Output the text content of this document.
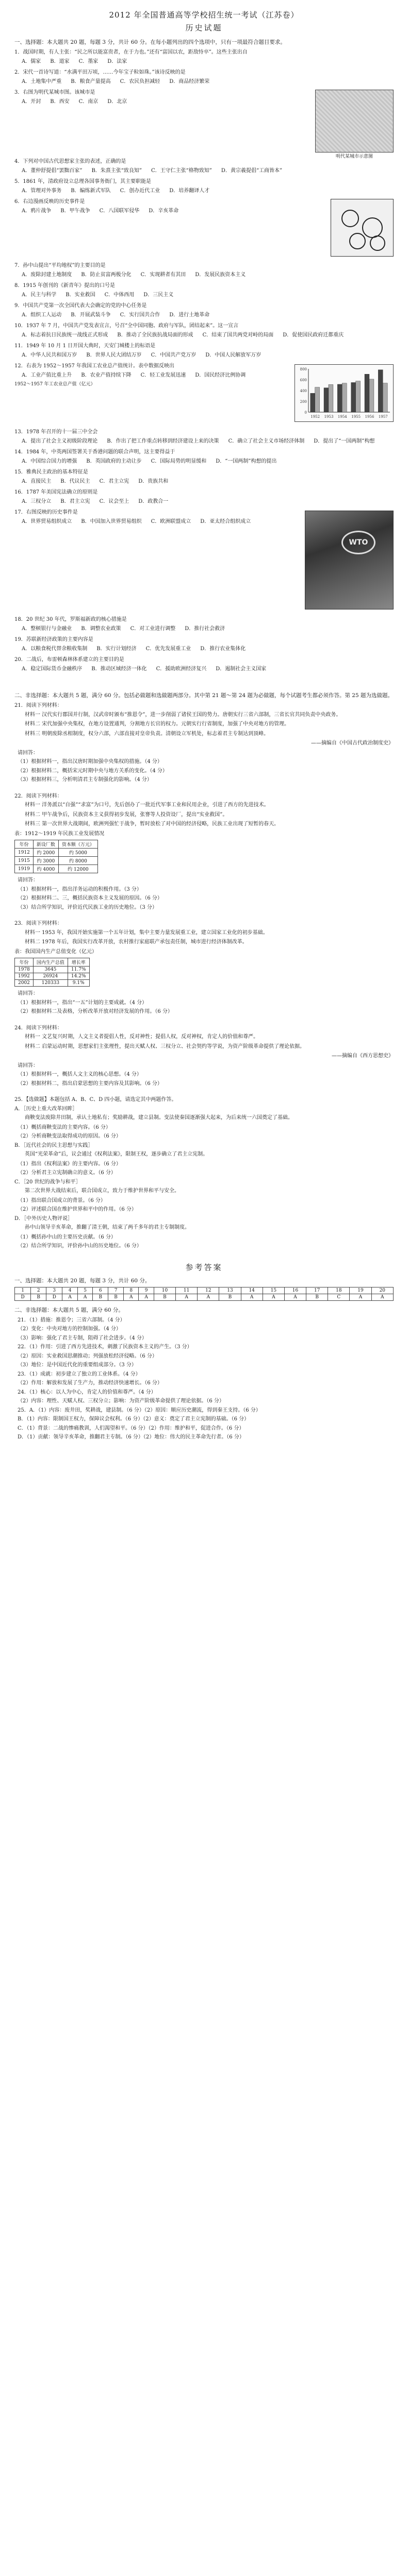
2012 年全国普通高等学校招生统一考试（江苏卷）
历史试题
一、选择题：本大题共 20 题，每题 3 分，共计 60 分。在每小题列出的四个选项中，只有一项最符合题目要求。
1．战国时期，有人主张：“民之所以能富贵者，在于力也。”还有“富国以农，距敌恃卒”。这些主张出自
A．儒家 B．道家 C．墨家 D．法家
2．宋代一首诗写道：“水满平田万顷，……今年宝子粒如珠。”该诗反映的是
A．土地集中严重 B．粮食产量提高 C．农民负担减轻 D．商品经济繁荣
明代某城市示意图
3．右图为明代某城市图。该城市是
A．开封 B．西安 C．南京 D．北京
4．下列对中国古代思想家主张的表述，正确的是
A．董仲舒提倡“罢黜百家” B．朱熹主张“致良知” C．王守仁主张“格物致知” D．黄宗羲提倡“工商皆本”
5．1861 年，清政府设立总理各国事务衙门，其主要职能是
A．管理对外事务 B．编练新式军队 C．创办近代工业 D．培养翻译人才
6．右边漫画反映的历史事件是
A．鸦片战争 B．甲午战争 C．八国联军侵华 D．辛亥革命
7．孙中山提出“平均地权”的主要目的是
A．废除封建土地制度 B．防止贫富两极分化 C．实现耕者有其田 D．发展民族资本主义
8．1915 年创刊的《新青年》提出的口号是
A．民主与科学 B．实业救国 C．中体西用 D．三民主义
9．中国共产党第一次全国代表大会确定的党的中心任务是
A．组织工人运动 B．开展武装斗争 C．实行国共合作 D．进行土地革命
10．1937 年 7 月，中国共产党发表宣言，号召“全中国同胞、政府与军队，团结起来”。这一宣言
A．标志着抗日民族统一战线正式形成 B．推动了全民族抗战局面的形成 C．结束了国共两党对峙的局面 D．促使国民政府迁都重庆
11．1949 年 10 月 1 日开国大典时，天安门城楼上的标语是
A．中华人民共和国万岁 B．世界人民大团结万岁 C．中国共产党万岁 D．中国人民解放军万岁
0
200
400
600
800
1952 1953 1954 1955 1956 1957
12．右表为 1952～1957 年我国工农业总产值统计。表中数据反映出
A．工业产值比重上升 B．农业产值持续下降 C．轻工业发展迅速 D．国民经济比例协调
1952～1957 年工农业总产值（亿元）
13．1978 年召开的十一届三中全会
A．提出了社会主义初级阶段理论 B．作出了把工作重点转移到经济建设上来的决策 C．确立了社会主义市场经济体制 D．提出了“一国两制”构想
14．1984 年，中英两国签署关于香港问题的联合声明，这主要得益于
A．中国综合国力的增强 B．英国政府的主动让步 C．国际局势的明显缓和 D．“一国两制”构想的提出
15．雅典民主政治的基本特征是
A．直接民主 B．代议民主 C．君主立宪 D．贵族共和
16．1787 年美国宪法确立的原则是
A．三权分立 B．君主立宪 C．议会至上 D．政教合一
WTO
17．右图反映的历史事件是
A．世界贸易组织成立 B．中国加入世界贸易组织 C．欧洲联盟成立 D．亚太经合组织成立
18．20 世纪 30 年代，罗斯福新政的核心措施是
A．整顿银行与金融业 B．调整农业政策 C．对工业进行调整 D．推行社会救济
19．苏联新经济政策的主要内容是
A．以粮食税代替余粮收集制 B．实行计划经济 C．优先发展重工业 D．推行农业集体化
20．二战后，布雷顿森林体系建立的主要目的是
A．稳定国际货币金融秩序 B．推动区域经济一体化 C．援助欧洲经济复兴 D．遏制社会主义国家
二、非选择题：本大题共 5 题，满分 60 分。包括必做题和选做题两部分。其中第 21 题～第 24 题为必做题，每个试题考生都必须作答。第 25 题为选做题。
21．阅读下列材料：

材料一 汉代实行郡国并行制，汉武帝时颁布“推恩令”，进一步削弱了诸侯王国的势力。唐朝实行三省六部制，三省长官共同负责中央政务。

材料二 宋代加强中央集权，在地方设置通判，分割地方长官的权力。元朝实行行省制度，加强了中央对地方的管理。

材料三 明朝废除丞相制度，权分六部，六部直接对皇帝负责。清朝设立军机处，标志着君主专制达到顶峰。

——摘编自《中国古代政治制度史》

请回答：

（1）根据材料一，指出汉唐时期加强中央集权的措施。（4 分）

（2）根据材料二，概括宋元时期中央与地方关系的变化。（4 分）

（3）根据材料三，分析明清君主专制强化的影响。（4 分）

22．阅读下列材料：

材料一 洋务派以“自强”“求富”为口号，先后创办了一批近代军事工业和民用企业，引进了西方的先进技术。

材料二 甲午战争后，民族资本主义获得初步发展，张謇等人投资设厂，提出“实业救国”。

材料三 第一次世界大战期间，欧洲列强忙于战争，暂时放松了对中国的经济侵略，民族工业出现了短暂的春天。

表：1912～1919 年民族工业发展情况
年份	新设厂数	资本额（万元）
1912	约 2000	约 5000
1915	约 3000	约 8000
1919	约 4000	约 12000

请回答：

（1）根据材料一，指出洋务运动的积极作用。（3 分）

（2）根据材料二、三，概括民族资本主义发展的原因。（6 分）

（3）结合所学知识，评价近代民族工业的历史地位。（3 分）

23．阅读下列材料：

材料一 1953 年，我国开始实施第一个五年计划，集中主要力量发展重工业，建立国家工业化的初步基础。

材料二 1978 年后，我国实行改革开放，农村推行家庭联产承包责任制，城市进行经济体制改革。

表：我国国内生产总值变化（亿元）
年份	国内生产总值	增长率
1978	3645	11.7%
1992	26924	14.2%
2002	120333	9.1%

请回答：

（1）根据材料一，指出“一五”计划的主要成就。（4 分）

（2）根据材料二及表格，分析改革开放对经济发展的作用。（6 分）

24．阅读下列材料：

材料一 文艺复兴时期，人文主义者提倡人性，反对神性；提倡人权，反对神权，肯定人的价值和尊严。

材料二 启蒙运动时期，思想家们主张理性，提出天赋人权、三权分立、社会契约等学说，为资产阶级革命提供了理论依据。

——摘编自《西方思想史》

请回答：

（1）根据材料一，概括人文主义的核心思想。（4 分）

（2）根据材料二，指出启蒙思想的主要内容及其影响。（6 分）

25．【选做题】本题包括 A、B、C、D 四小题，请选定其中两题作答。
A．［历史上重大改革回眸］

商鞅变法废除井田制，承认土地私有；奖励耕战，建立县制。变法使秦国逐渐强大起来，为后来统一六国奠定了基础。

（1）概括商鞅变法的主要内容。（6 分）

（2）分析商鞅变法取得成功的原因。（6 分）

B．［近代社会的民主思想与实践］

英国“光荣革命”后，议会通过《权利法案》，限制王权，逐步确立了君主立宪制。

（1）指出《权利法案》的主要内容。（6 分）

（2）分析君主立宪制确立的意义。（6 分）

C．［20 世纪的战争与和平］

第二次世界大战结束后，联合国成立，致力于维护世界和平与安全。

（1）指出联合国成立的背景。（6 分）

（2）评述联合国在维护世界和平中的作用。（6 分）

D．［中外历史人物评说］

孙中山领导辛亥革命，推翻了清王朝，结束了两千多年的君主专制制度。

（1）概括孙中山的主要历史贡献。（6 分）

（2）结合所学知识，评价孙中山的历史地位。（6 分）

参考答案
一、选择题：本大题共 20 题，每题 3 分，共计 60 分。
1	2	3	4	5	6	7	8	9	10	11	12	13	14	15	16	17	18	19	20
D	B	D	A	A	B	B	A	A	B	A	A	B	A	A	A	B	C	A	A
二、非选择题：本大题共 5 题，满分 60 分。

21．（1）措施：推恩令；三省六部制。（4 分）

（2）变化：中央对地方的控制加强。（4 分）

（3）影响：强化了君主专制，阻碍了社会进步。（4 分）

22．（1）作用：引进了西方先进技术，刺激了民族资本主义的产生。（3 分）

（2）原因：实业救国思潮推动；列强放松经济侵略。（6 分）

（3）地位：是中国近代化的重要组成部分。（3 分）

23．（1）成就：初步建立了独立的工业体系。（4 分）

（2）作用：解放和发展了生产力，推动经济快速增长。（6 分）

24．（1）核心：以人为中心，肯定人的价值和尊严。（4 分）

（2）内容：理性、天赋人权、三权分立；影响：为资产阶级革命提供了理论依据。（6 分）

25．A．（1）内容：废井田，奖耕战，建县制。（6 分）（2）原因：顺应历史潮流，得到秦王支持。（6 分）

B．（1）内容：限制国王权力，保障议会权利。（6 分）（2）意义：奠定了君主立宪制的基础。（6 分）

C．（1）背景：二战的惨痛教训，人们渴望和平。（6 分）（2）作用：维护和平，促进合作。（6 分）

D．（1）贡献：领导辛亥革命，推翻君主专制。（6 分）（2）地位：伟大的民主革命先行者。（6 分）
